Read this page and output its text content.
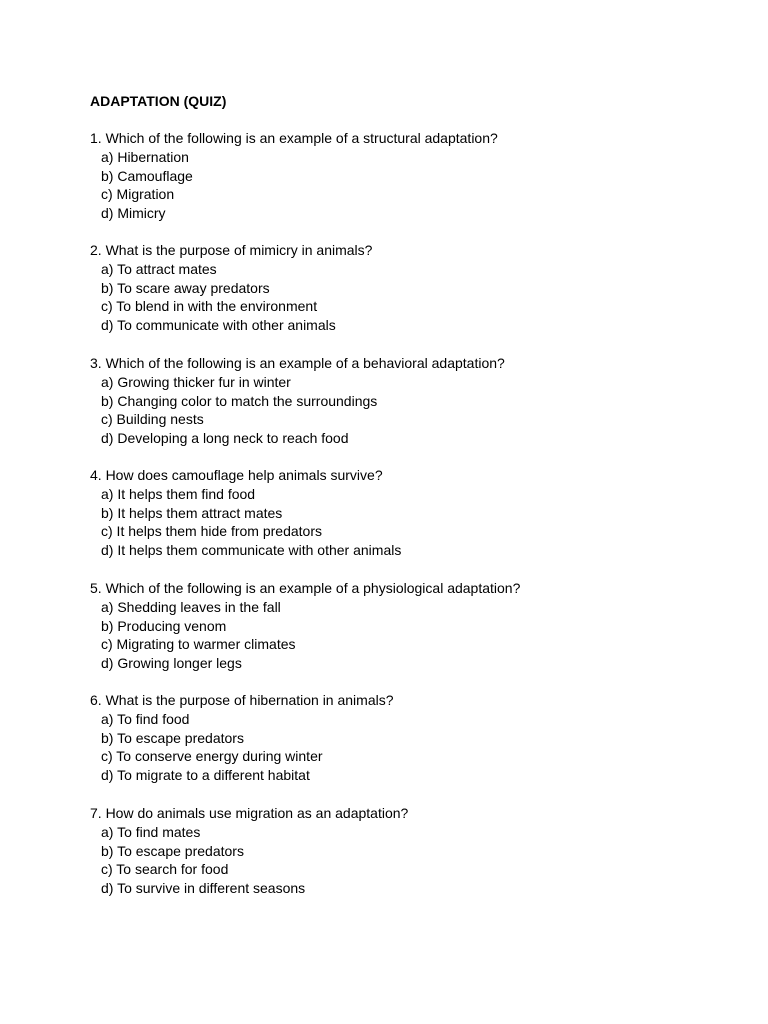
ADAPTATION (QUIZ)

1. Which of the following is an example of a structural adaptation?

a) Hibernation
b) Camouflage
c) Migration
d) Mimicry

2. What is the purpose of mimicry in animals?

a) To attract mates
b) To scare away predators
c) To blend in with the environment
d) To communicate with other animals

3. Which of the following is an example of a behavioral adaptation?

a) Growing thicker fur in winter
b) Changing color to match the surroundings
c) Building nests
d) Developing a long neck to reach food

4. How does camouflage help animals survive?

a) It helps them find food
b) It helps them attract mates
c) It helps them hide from predators
d) It helps them communicate with other animals

5. Which of the following is an example of a physiological adaptation?

a) Shedding leaves in the fall
b) Producing venom
c) Migrating to warmer climates
d) Growing longer legs

6. What is the purpose of hibernation in animals?

a) To find food
b) To escape predators
c) To conserve energy during winter
d) To migrate to a different habitat

7. How do animals use migration as an adaptation?

a) To find mates
b) To escape predators
c) To search for food
d) To survive in different seasons
